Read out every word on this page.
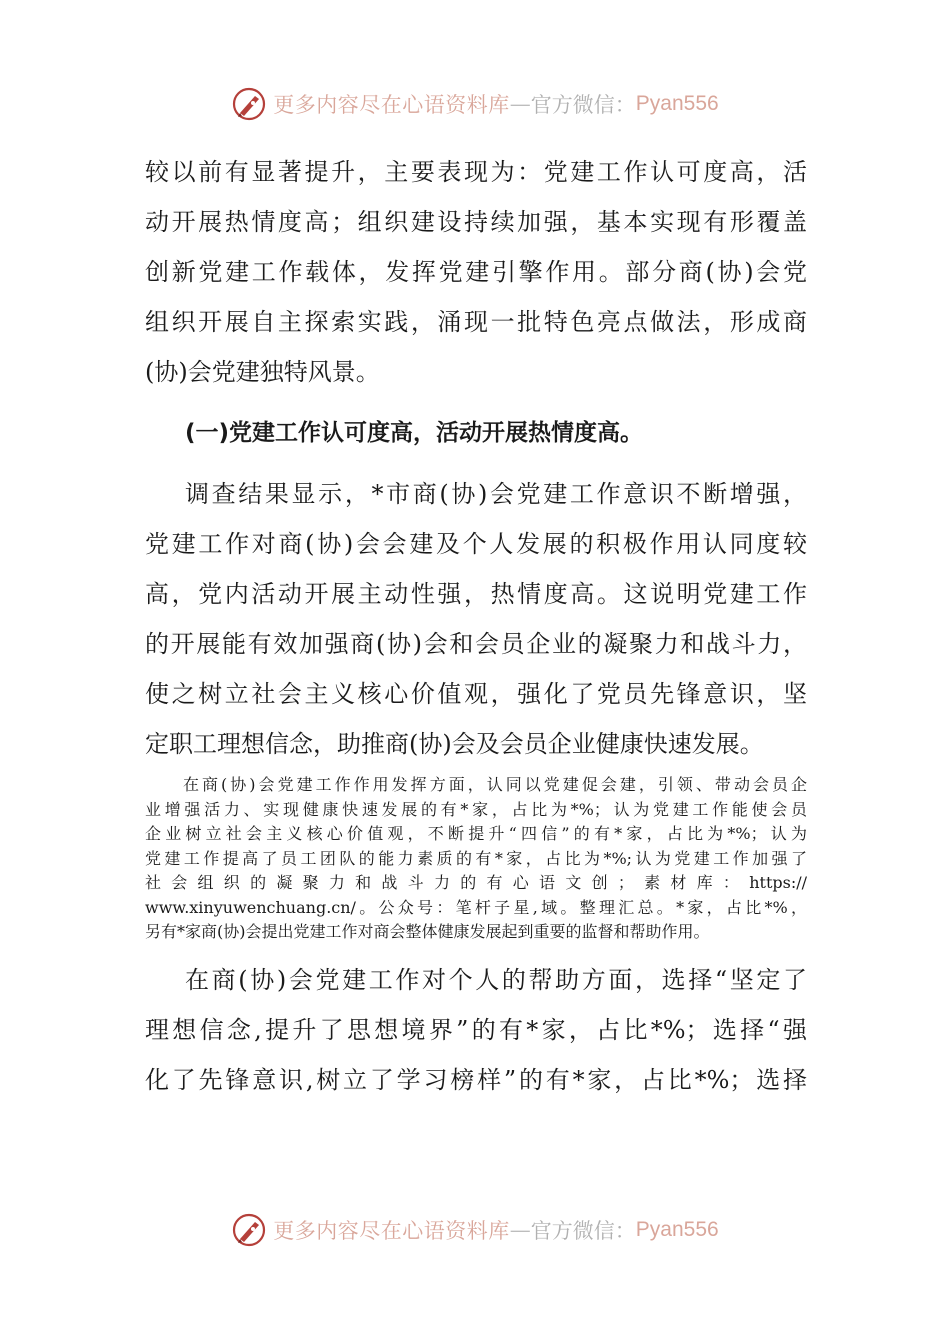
更多内容尽在心语资料库 — 官方微信： Pyan556
较以前有显著提升，主要表现为：党建工作认可度高，活
动开展热情度高；组织建设持续加强，基本实现有形覆盖
创新党建工作载体，发挥党建引擎作用。部分商(协)会党
组织开展自主探索实践，涌现一批特色亮点做法，形成商
(协)会党建独特风景。
(一)党建工作认可度高，活动开展热情度高。
调查结果显示，*市商(协)会党建工作意识不断增强，
党建工作对商(协)会会建及个人发展的积极作用认同度较
高，党内活动开展主动性强，热情度高。这说明党建工作
的开展能有效加强商(协)会和会员企业的凝聚力和战斗力，
使之树立社会主义核心价值观，强化了党员先锋意识，坚
定职工理想信念，助推商(协)会及会员企业健康快速发展。
在商(协)会党建工作作用发挥方面，认同以党建促会建，引领、带动会员企
业增强活力、实现健康快速发展的有*家，占比为*%；认为党建工作能使会员
企业树立社会主义核心价值观，不断提升“四信”的有*家，占比为*%；认为
党建工作提高了员工团队的能力素质的有*家，占比为*%;认为党建工作加强了
社会组织的凝聚力和战斗力的有心语文创；素材库：https://
www.xinyuwenchuang.cn/。公众号：笔杆子星,域。整理汇总。*家，占比*%，
另有*家商(协)会提出党建工作对商会整体健康发展起到重要的监督和帮助作用。
在商(协)会党建工作对个人的帮助方面，选择“坚定了
理想信念,提升了思想境界”的有*家，占比*%；选择“强
化了先锋意识,树立了学习榜样”的有*家，占比*%；选择
更多内容尽在心语资料库 — 官方微信： Pyan556
